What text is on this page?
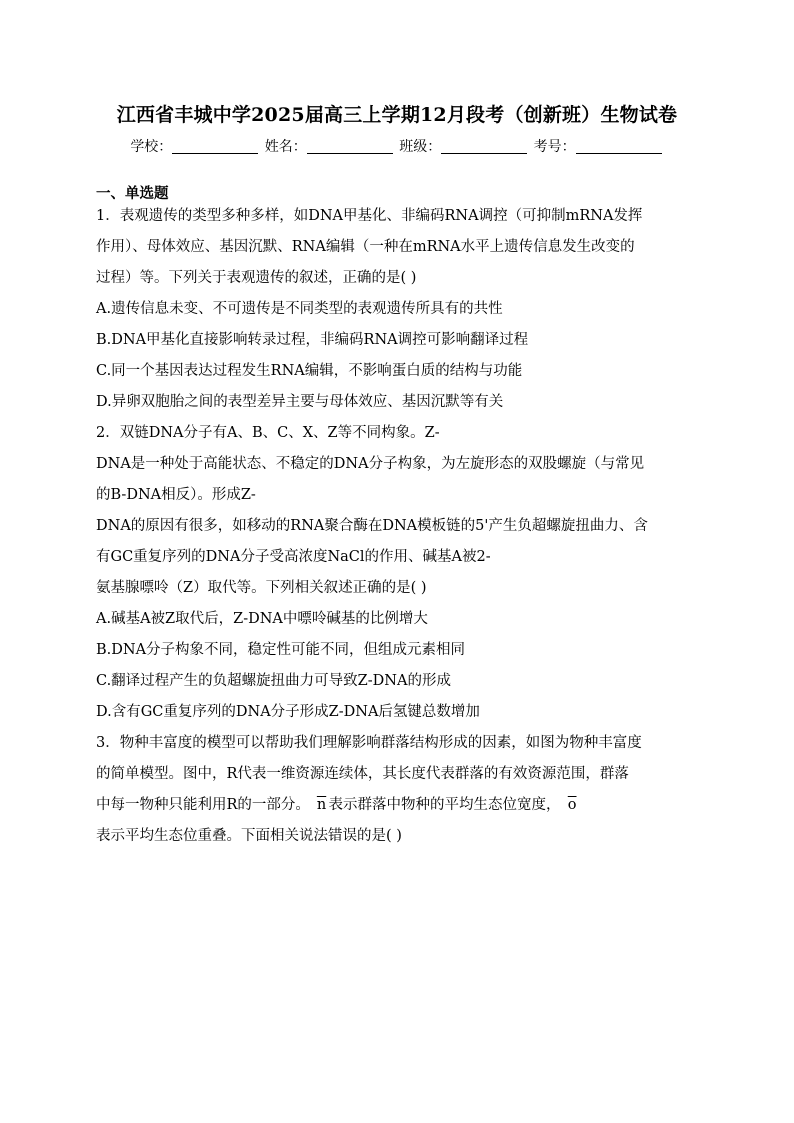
江西省丰城中学2025届高三上学期12月段考（创新班）生物试卷
学校：	姓名：	班级：	考号：
一、单选题
1．表观遗传的类型多种多样，如DNA甲基化、非编码RNA调控（可抑制mRNA发挥
作用）、母体效应、基因沉默、RNA编辑（一种在mRNA水平上遗传信息发生改变的
过程）等。下列关于表观遗传的叙述，正确的是( )
A.遗传信息未变、不可遗传是不同类型的表观遗传所具有的共性
B.DNA甲基化直接影响转录过程，非编码RNA调控可影响翻译过程
C.同一个基因表达过程发生RNA编辑，不影响蛋白质的结构与功能
D.异卵双胞胎之间的表型差异主要与母体效应、基因沉默等有关
2．双链DNA分子有A、B、C、X、Z等不同构象。Z-
DNA是一种处于高能状态、不稳定的DNA分子构象，为左旋形态的双股螺旋（与常见
的B-DNA相反）。形成Z-
DNA的原因有很多，如移动的RNA聚合酶在DNA模板链的5'产生负超螺旋扭曲力、含
有GC重复序列的DNA分子受高浓度NaCl的作用、碱基A被2-
氨基腺嘌呤（Z）取代等。下列相关叙述正确的是( )
A.碱基A被Z取代后，Z-DNA中嘌呤碱基的比例增大
B.DNA分子构象不同，稳定性可能不同，但组成元素相同
C.翻译过程产生的负超螺旋扭曲力可导致Z-DNA的形成
D.含有GC重复序列的DNA分子形成Z-DNA后氢键总数增加
3．物种丰富度的模型可以帮助我们理解影响群落结构形成的因素，如图为物种丰富度
的简单模型。图中，R代表一维资源连续体，其长度代表群落的有效资源范围，群落
中每一物种只能利用R的一部分。 $\overline{n}$ 表示群落中物种的平均生态位宽度， $\overline{o}$
表示平均生态位重叠。下面相关说法错误的是( )
